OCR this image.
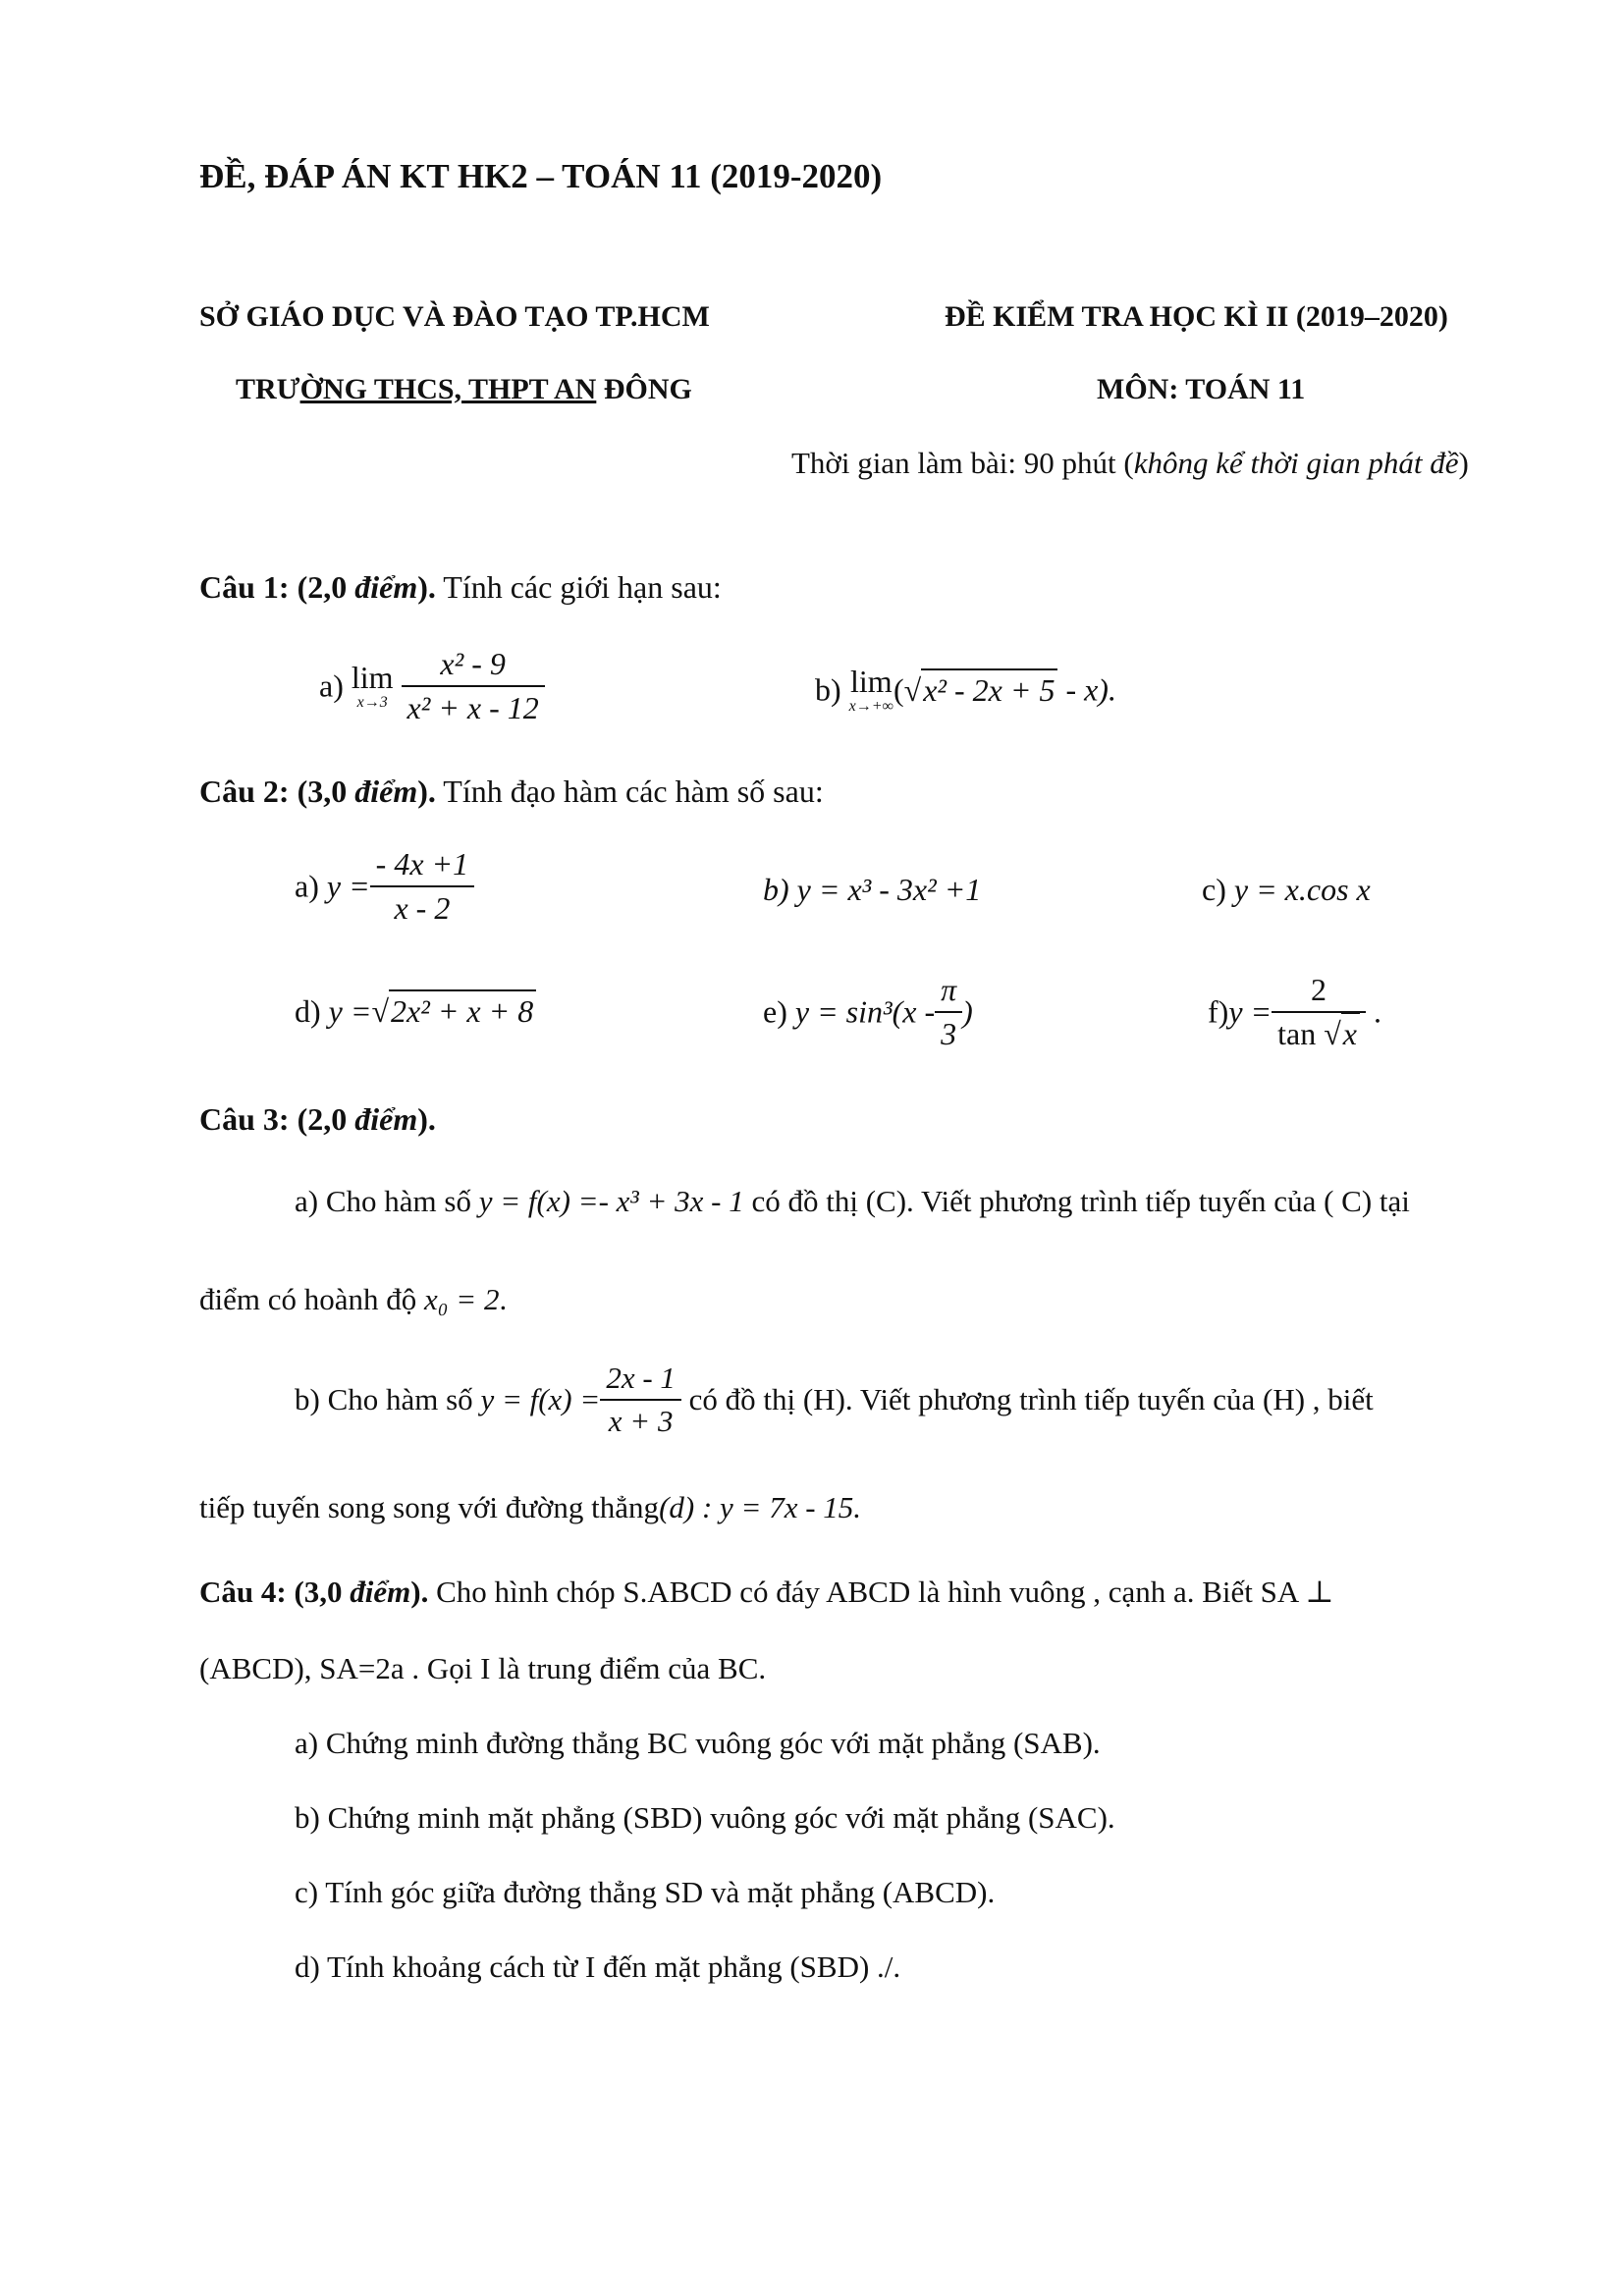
ĐỀ, ĐÁP ÁN KT HK2 – TOÁN 11 (2019-2020)
SỞ GIÁO DỤC VÀ ĐÀO TẠO TP.HCM
TRƯỜNG THCS, THPT AN ĐÔNG
ĐỀ KIỂM TRA HỌC KÌ II (2019–2020)
MÔN: TOÁN 11
Thời gian làm bài: 90 phút (không kể thời gian phát đề)
Câu 1: (2,0 điểm). Tính các giới hạn sau:
a) lim
x→3
$\frac{\text{x² - 9}}{\text{x² + x - 12}}$	b) lim
x→+∞ (√x² - 2x + 5 - x).
Câu 2: (3,0 điểm). Tính đạo hàm các hàm số sau:
a) $y = \frac{- 4x +1}{x - 2}$	b) y = x³ - 3x² +1	c) y = x.cos x
d) y =√2x² + x + 8	e) $y = \sin^3(x - \frac{\pi}{3}$ )	$f)y = \frac{2}{\tan √x}$ .
Câu 3: (2,0 điểm).
a) Cho hàm số y = f(x) =- x³ + 3x - 1 có đồ thị (C). Viết phương trình tiếp tuyến của ( C) tại
điểm có hoành độ x₀ = 2.
b) Cho hàm số $y = f(x) = \frac{2x - 1}{x + 3}$ có đồ thị (H). Viết phương trình tiếp tuyến của (H) , biết
tiếp tuyến song song với đường thẳng(d) : y = 7x - 15.
Câu 4: (3,0 điểm). Cho hình chóp S.ABCD có đáy ABCD là hình vuông , cạnh a. Biết SA ⊥
(ABCD), SA=2a . Gọi I là trung điểm của BC.
a) Chứng minh đường thẳng BC vuông góc với mặt phẳng (SAB).
b) Chứng minh mặt phẳng (SBD) vuông góc với mặt phẳng (SAC).
c) Tính góc giữa đường thẳng SD và mặt phẳng (ABCD).
d) Tính khoảng cách từ I đến mặt phẳng (SBD) ./.
